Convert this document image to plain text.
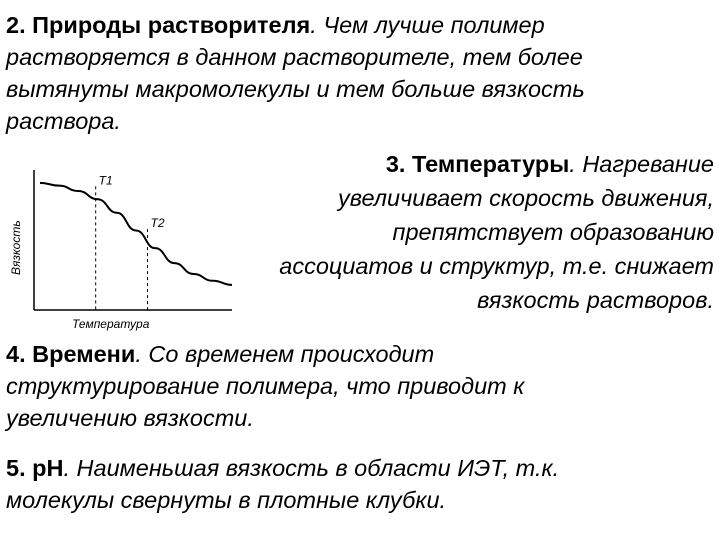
2. Природы растворителя. Чем лучше полимер
растворяется в данном растворителе, тем более
вытянуты макромолекулы и тем больше вязкость
раствора.

T1
T2
Вязкость
Температура

3. Температуры. Нагревание
увеличивает скорость движения,
препятствует образованию
ассоциатов и структур, т.е. снижает
вязкость растворов.

4. Времени. Со временем происходит
структурирование полимера, что приводит к
увеличению вязкости.

5. pH. Наименьшая вязкость в области ИЭТ, т.к.
молекулы свернуты в плотные клубки.
